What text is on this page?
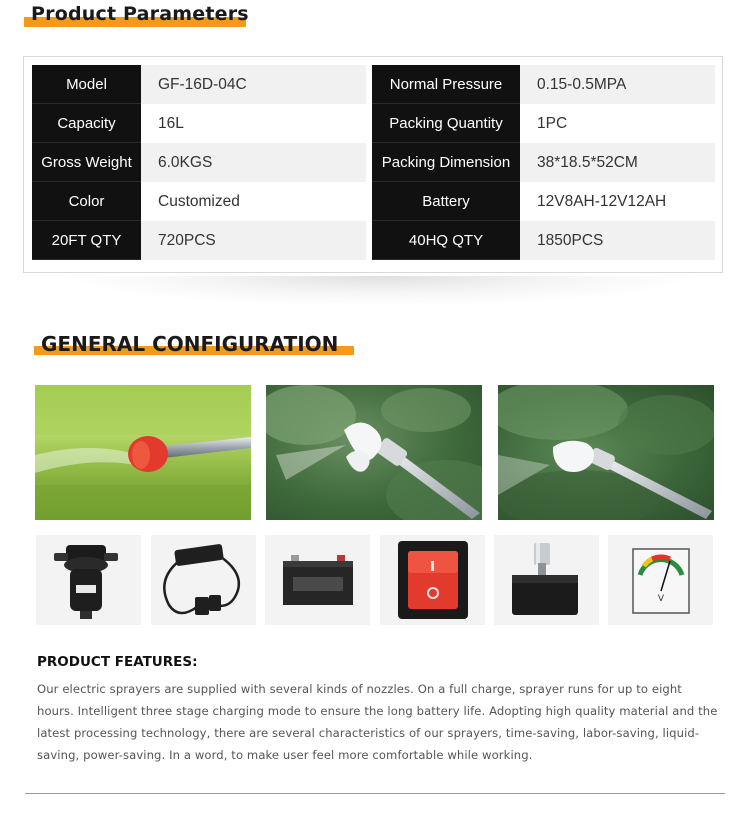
Product Parameters
Model	GF-16D-04C
Capacity	16L
Gross Weight	6.0KGS
Color	Customized
20FT QTY	720PCS
Normal Pressure	0.15-0.5MPA
Packing Quantity	1PC
Packing Dimension	38*18.5*52CM
Battery	12V8AH-12V12AH
40HQ QTY	1850PCS
GENERAL CONFIGURATION
V
PRODUCT FEATURES:
Our electric sprayers are supplied with several kinds of nozzles. On a full charge, sprayer runs for up to eight hours. Intelligent three stage charging mode to ensure the long battery life. Adopting high quality material and the latest processing technology, there are several characteristics of our sprayers, time-saving, labor-saving, liquid-saving, power-saving. In a word, to make user feel more comfortable while working.
